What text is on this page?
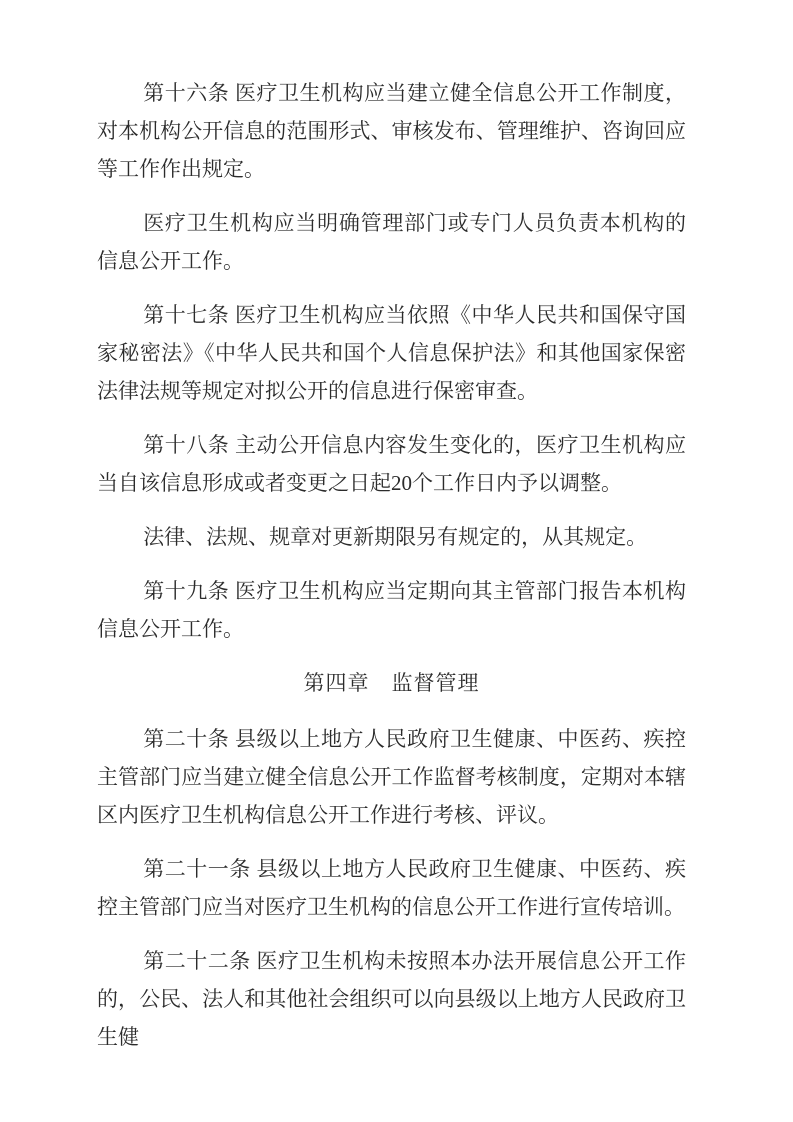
第十六条 医疗卫生机构应当建立健全信息公开工作制度，对本机构公开信息的范围形式、审核发布、管理维护、咨询回应等工作作出规定。

医疗卫生机构应当明确管理部门或专门人员负责本机构的信息公开工作。

第十七条 医疗卫生机构应当依照《中华人民共和国保守国家秘密法》《中华人民共和国个人信息保护法》和其他国家保密法律法规等规定对拟公开的信息进行保密审查。

第十八条 主动公开信息内容发生变化的，医疗卫生机构应当自该信息形成或者变更之日起20个工作日内予以调整。

法律、法规、规章对更新期限另有规定的，从其规定。

第十九条 医疗卫生机构应当定期向其主管部门报告本机构信息公开工作。

第四章　监督管理

第二十条 县级以上地方人民政府卫生健康、中医药、疾控主管部门应当建立健全信息公开工作监督考核制度，定期对本辖区内医疗卫生机构信息公开工作进行考核、评议。

第二十一条 县级以上地方人民政府卫生健康、中医药、疾控主管部门应当对医疗卫生机构的信息公开工作进行宣传培训。

第二十二条 医疗卫生机构未按照本办法开展信息公开工作的，公民、法人和其他社会组织可以向县级以上地方人民政府卫生健
